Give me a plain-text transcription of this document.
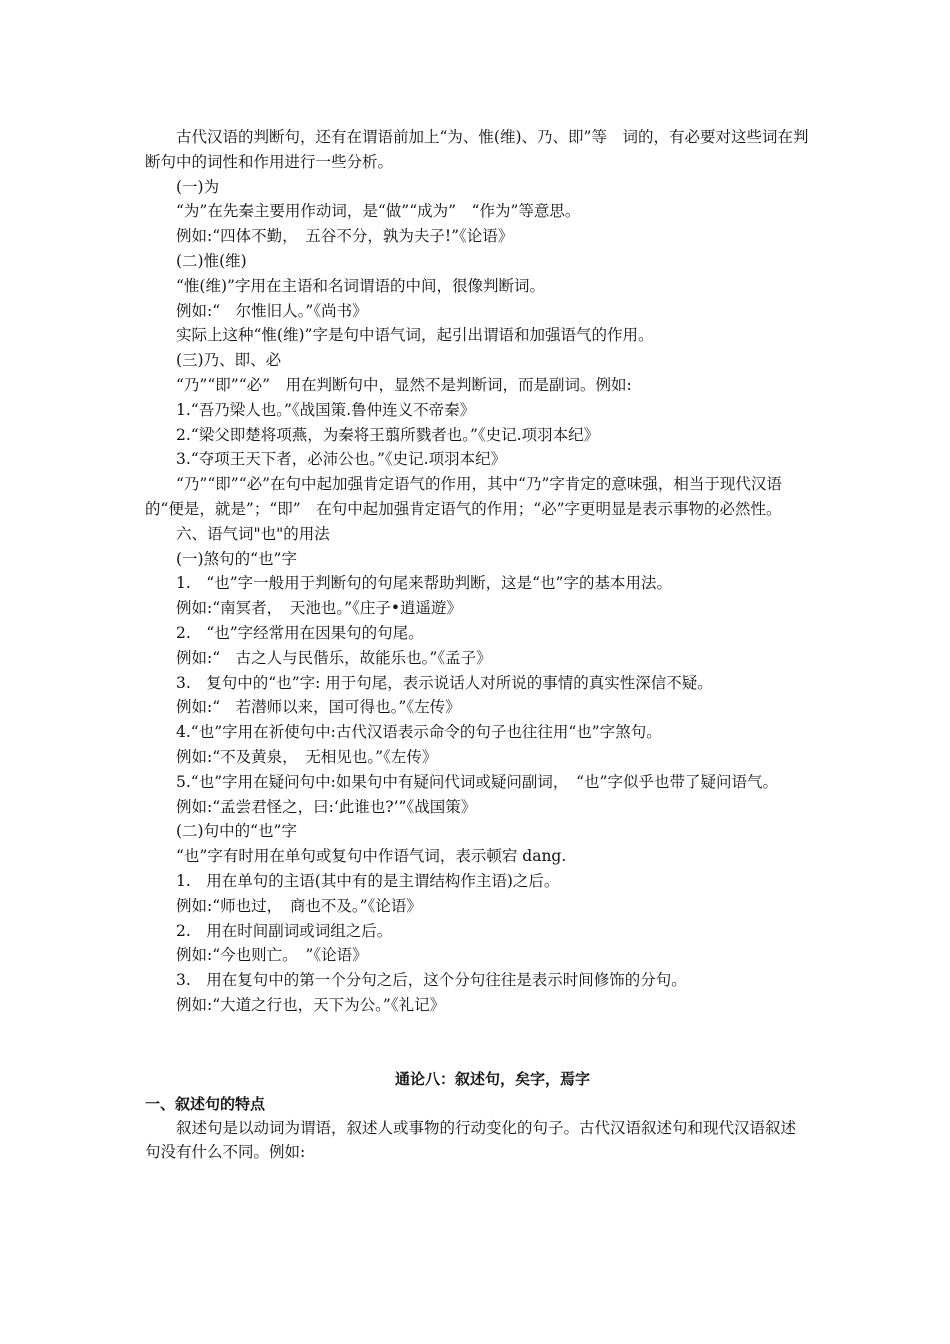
古代汉语的判断句，还有在谓语前加上“为、惟(维)、乃、即”等　词的，有必要对这些词在判断句中的词性和作用进行一些分析。

(一)为

“为”在先秦主要用作动词，是“做”“成为”　“作为”等意思。

例如:“四体不勤，　五谷不分，孰为夫子!”《论语》

(二)惟(维)

“惟(维)”字用在主语和名词谓语的中间，很像判断词。

例如:“　尔惟旧人。”《尚书》

实际上这种“惟(维)”字是句中语气词，起引出谓语和加强语气的作用。

(三)乃、即、必

“乃”“即”“必”　用在判断句中，显然不是判断词，而是副词。例如:

1.“吾乃梁人也。”《战国策.鲁仲连义不帝秦》

2.“梁父即楚将项燕，为秦将王翦所戮者也。”《史记.项羽本纪》

3.“夺项王天下者，必沛公也。”《史记.项羽本纪》

“乃”“即”“必”在句中起加强肯定语气的作用，其中“乃”字肯定的意味强，相当于现代汉语的“便是，就是”；“即”　在句中起加强肯定语气的作用；“必”字更明显是表示事物的必然性。

六、语气词"也"的用法

(一)煞句的“也”字

1.　“也”字一般用于判断句的句尾来帮助判断，这是“也”字的基本用法。

例如:“南冥者，　天池也。”《庄子•逍遥遊》

2.　“也”字经常用在因果句的句尾。

例如:“　古之人与民偕乐，故能乐也。”《孟子》

3.　复句中的“也”字: 用于句尾，表示说话人对所说的事情的真实性深信不疑。

例如:“　若潜师以来，国可得也。”《左传》

4.“也”字用在祈使句中:古代汉语表示命令的句子也往往用“也”字煞句。

例如:“不及黄泉，　无相见也。”《左传》

5.“也”字用在疑问句中:如果句中有疑问代词或疑问副词，　“也”字似乎也带了疑问语气。

例如:“孟尝君怪之，曰:‘此谁也?’”《战国策》

(二)句中的“也”字

“也”字有时用在单句或复句中作语气词，表示顿宕 dang.

1.　用在单句的主语(其中有的是主谓结构作主语)之后。

例如:“师也过，　商也不及。”《论语》

2.　用在时间副词或词组之后。

例如:“今也则亡。　”《论语》

3.　用在复句中的第一个分句之后，这个分句往往是表示时间修饰的分句。

例如:“大道之行也，天下为公。”《礼记》

通论八：叙述句，矣字，焉字

一、叙述句的特点

叙述句是以动词为谓语，叙述人或事物的行动变化的句子。古代汉语叙述句和现代汉语叙述句没有什么不同。例如:
